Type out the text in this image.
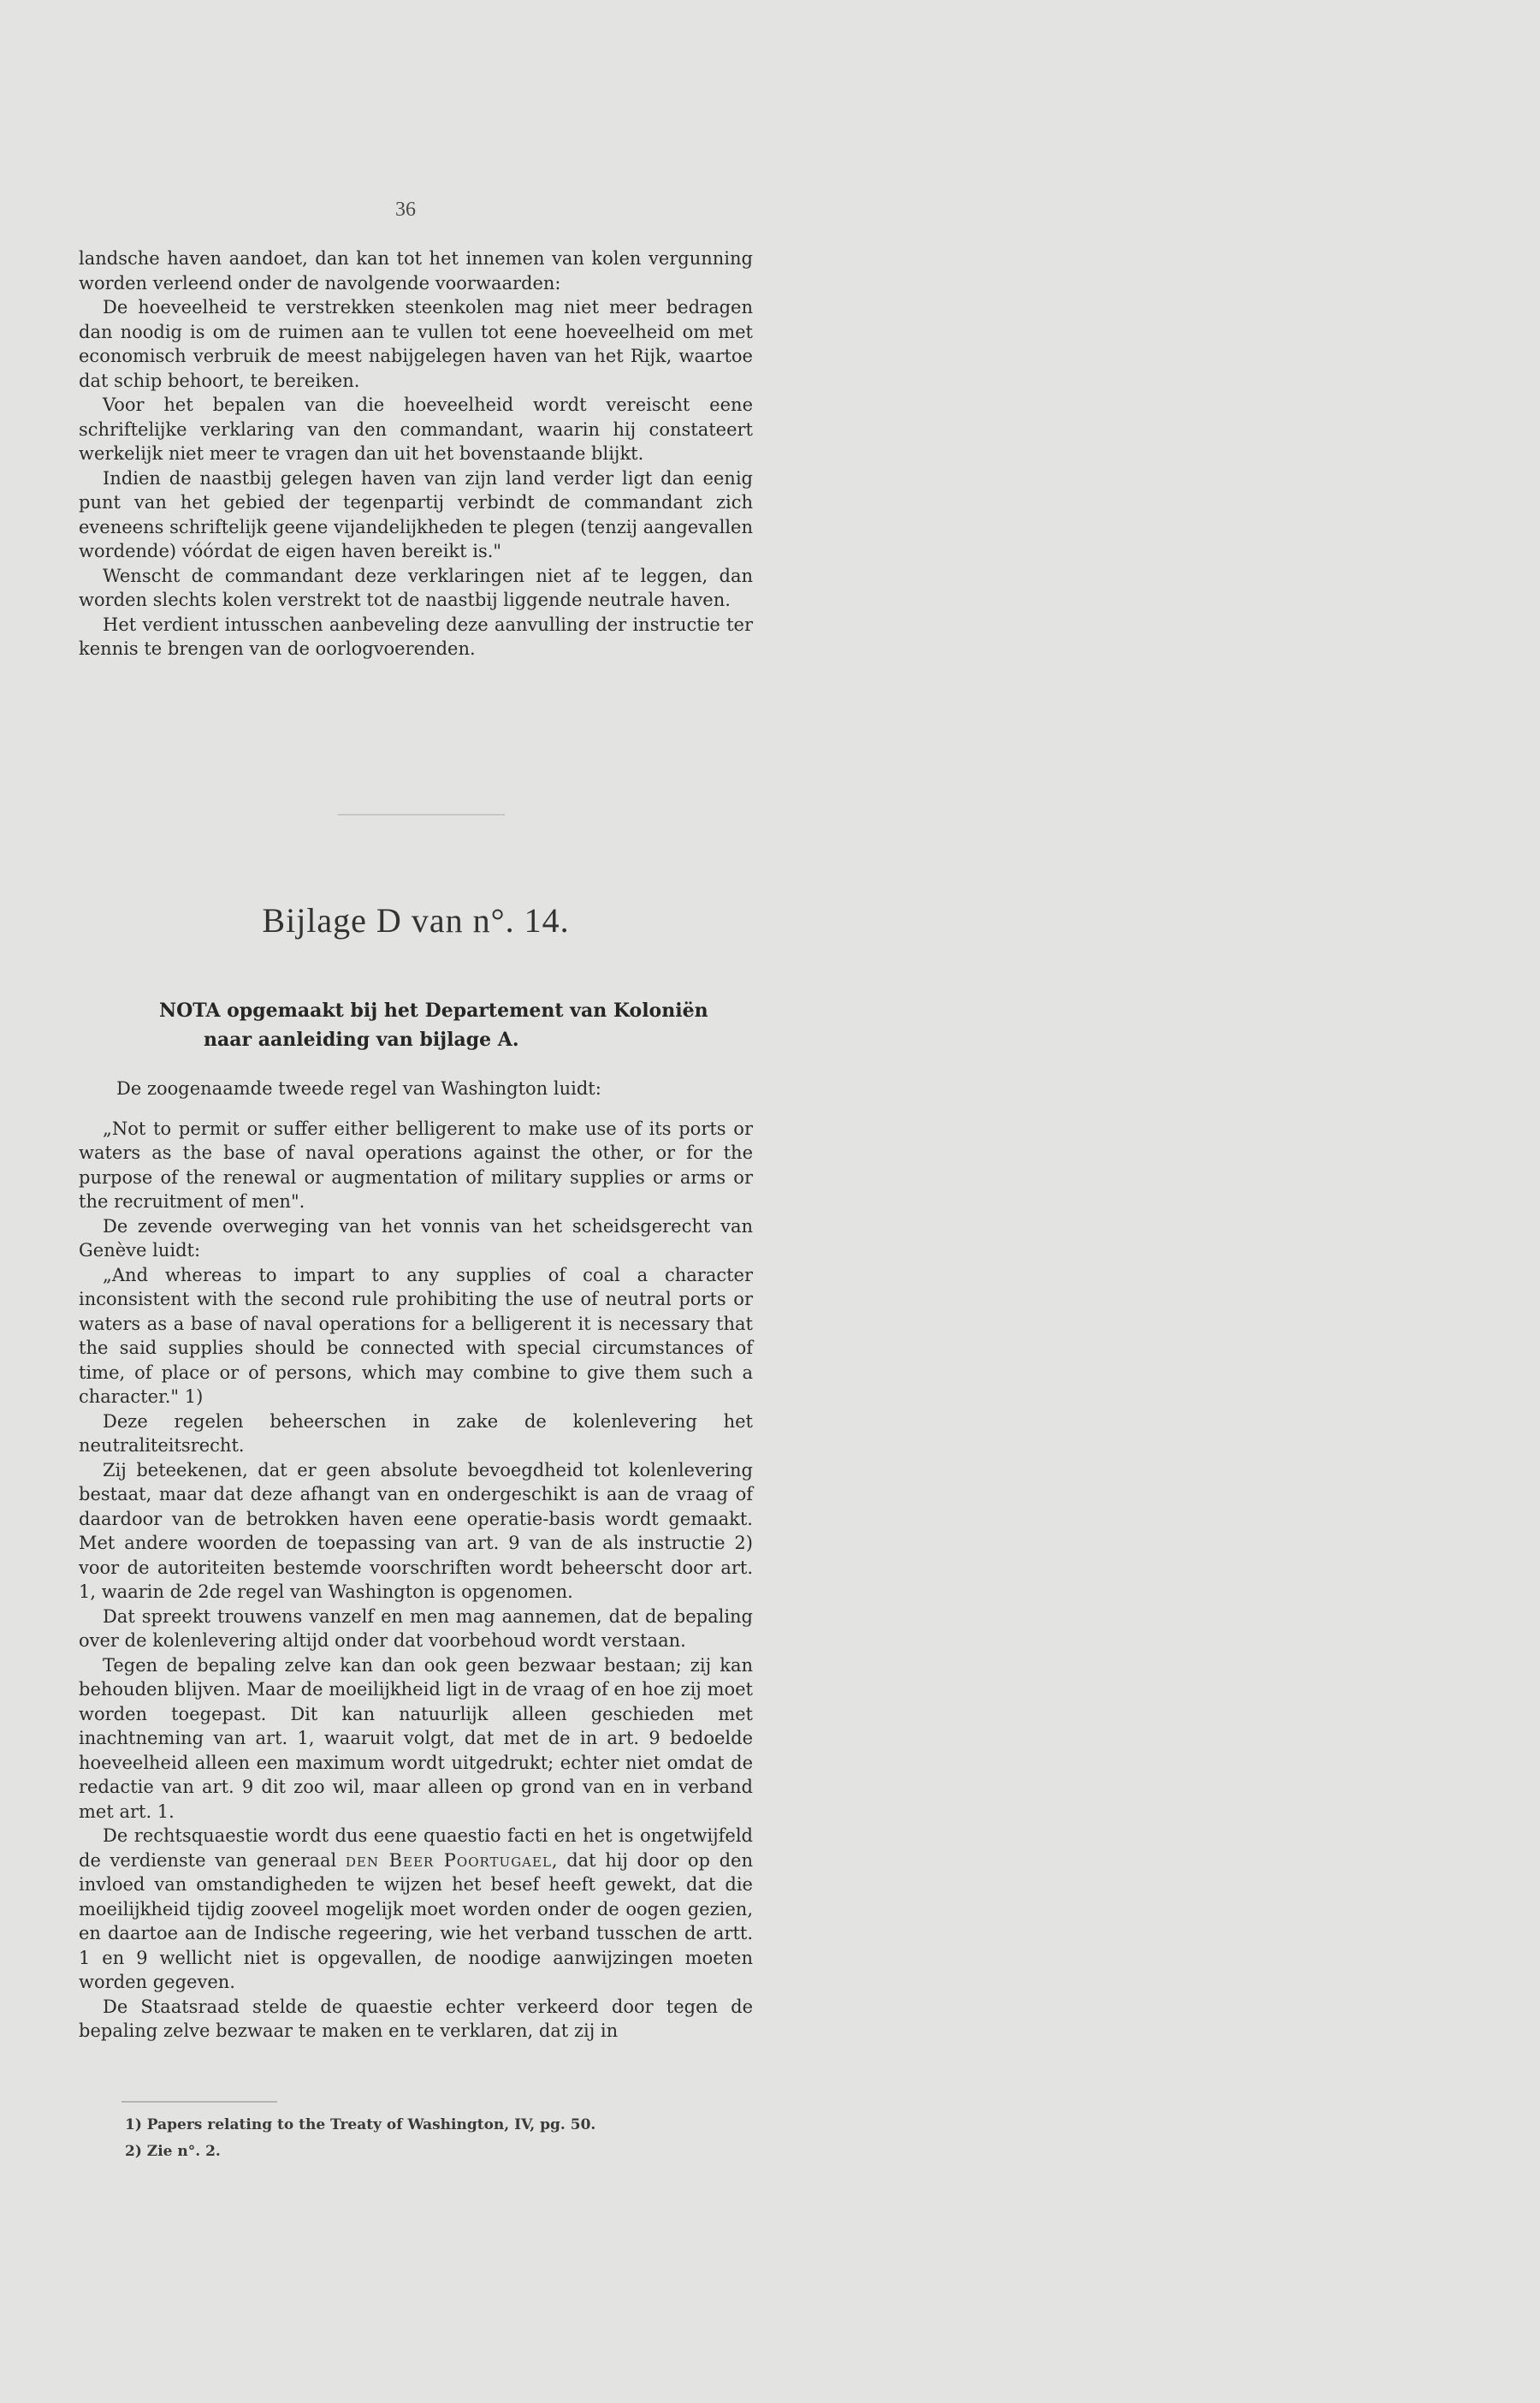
36

landsche haven aandoet, dan kan tot het innemen van kolen vergunning worden verleend onder de navolgende voorwaarden:

De hoeveelheid te verstrekken steenkolen mag niet meer bedragen dan noodig is om de ruimen aan te vullen tot eene hoeveelheid om met economisch verbruik de meest nabijgelegen haven van het Rijk, waartoe dat schip behoort, te bereiken.

Voor het bepalen van die hoeveelheid wordt vereischt eene schriftelijke verklaring van den commandant, waarin hij constateert werkelijk niet meer te vragen dan uit het bovenstaande blijkt.

Indien de naastbij gelegen haven van zijn land verder ligt dan eenig punt van het gebied der tegenpartij verbindt de commandant zich eveneens schriftelijk geene vijandelijkheden te plegen (tenzij aangevallen wordende) vóórdat de eigen haven bereikt is."

Wenscht de commandant deze verklaringen niet af te leggen, dan worden slechts kolen verstrekt tot de naastbij liggende neutrale haven.

Het verdient intusschen aanbeveling deze aanvulling der instructie ter kennis te brengen van de oorlogvoerenden.

Bijlage D van n°. 14.
NOTA opgemaakt bij het Departement van Koloniën
naar aanleiding van bijlage A.

De zoogenaamde tweede regel van Washington luidt:

„Not to permit or suffer either belligerent to make use of its ports or waters as the base of naval operations against the other, or for the purpose of the renewal or augmentation of military supplies or arms or the recruitment of men".

De zevende overweging van het vonnis van het scheidsgerecht van Genève luidt:

„And whereas to impart to any supplies of coal a character inconsistent with the second rule prohibiting the use of neutral ports or waters as a base of naval operations for a belligerent it is necessary that the said supplies should be connected with special circumstances of time, of place or of persons, which may combine to give them such a character." 1)

Deze regelen beheerschen in zake de kolenlevering het neutraliteitsrecht.

Zij beteekenen, dat er geen absolute bevoegdheid tot kolenlevering bestaat, maar dat deze afhangt van en ondergeschikt is aan de vraag of daardoor van de betrokken haven eene operatie-basis wordt gemaakt. Met andere woorden de toepassing van art. 9 van de als instructie 2) voor de autoriteiten bestemde voorschriften wordt beheerscht door art. 1, waarin de 2de regel van Washington is opgenomen.

Dat spreekt trouwens vanzelf en men mag aannemen, dat de bepaling over de kolenlevering altijd onder dat voorbehoud wordt verstaan.

Tegen de bepaling zelve kan dan ook geen bezwaar bestaan; zij kan behouden blijven. Maar de moeilijkheid ligt in de vraag of en hoe zij moet worden toegepast. Dit kan natuurlijk alleen geschieden met inachtneming van art. 1, waaruit volgt, dat met de in art. 9 bedoelde hoeveelheid alleen een maximum wordt uitgedrukt; echter niet omdat de redactie van art. 9 dit zoo wil, maar alleen op grond van en in verband met art. 1.

De rechtsquaestie wordt dus eene quaestio facti en het is ongetwijfeld de verdienste van generaal den Beer Poortugael, dat hij door op den invloed van omstandigheden te wijzen het besef heeft gewekt, dat die moeilijkheid tijdig zooveel mogelijk moet worden onder de oogen gezien, en daartoe aan de Indische regeering, wie het verband tusschen de artt. 1 en 9 wellicht niet is opgevallen, de noodige aanwijzingen moeten worden gegeven.

De Staatsraad stelde de quaestie echter verkeerd door tegen de bepaling zelve bezwaar te maken en te verklaren, dat zij in

1) Papers relating to the Treaty of Washington, IV, pg. 50.
2) Zie n°. 2.
